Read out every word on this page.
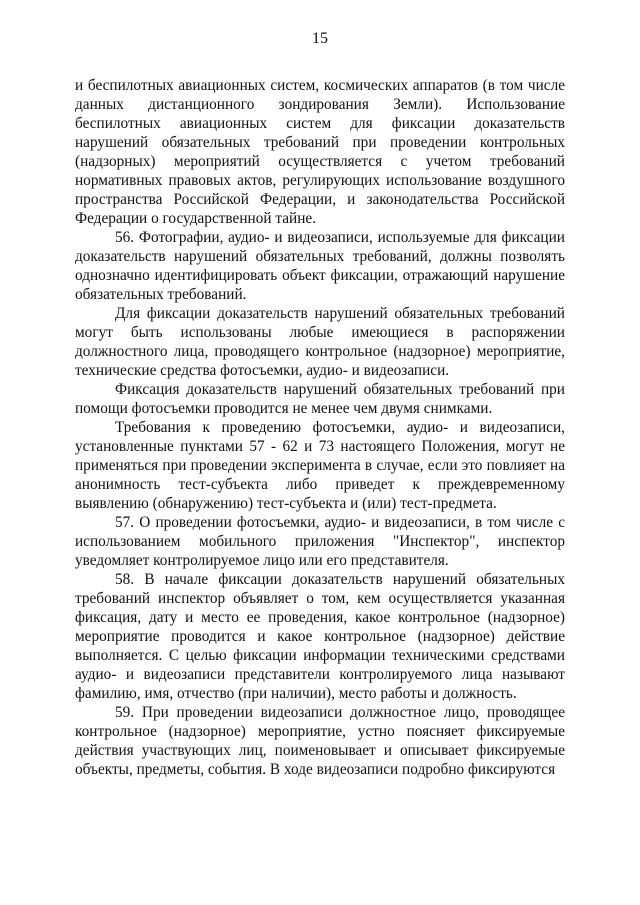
15

и беспилотных авиационных систем, космических аппаратов (в том числе данных дистанционного зондирования Земли). Использование беспилотных авиационных систем для фиксации доказательств нарушений обязательных требований при проведении контрольных (надзорных) мероприятий осуществляется с учетом требований нормативных правовых актов, регулирующих использование воздушного пространства Российской Федерации, и законодательства Российской Федерации о государственной тайне.

56. Фотографии, аудио- и видеозаписи, используемые для фиксации доказательств нарушений обязательных требований, должны позволять однозначно идентифицировать объект фиксации, отражающий нарушение обязательных требований.

Для фиксации доказательств нарушений обязательных требований могут быть использованы любые имеющиеся в распоряжении должностного лица, проводящего контрольное (надзорное) мероприятие, технические средства фотосъемки, аудио- и видеозаписи.

Фиксация доказательств нарушений обязательных требований при помощи фотосъемки проводится не менее чем двумя снимками.

Требования к проведению фотосъемки, аудио- и видеозаписи, установленные пунктами 57 - 62 и 73 настоящего Положения, могут не применяться при проведении эксперимента в случае, если это повлияет на анонимность тест-субъекта либо приведет к преждевременному выявлению (обнаружению) тест-субъекта и (или) тест-предмета.

57. О проведении фотосъемки, аудио- и видеозаписи, в том числе с использованием мобильного приложения "Инспектор", инспектор уведомляет контролируемое лицо или его представителя.

58. В начале фиксации доказательств нарушений обязательных требований инспектор объявляет о том, кем осуществляется указанная фиксация, дату и место ее проведения, какое контрольное (надзорное) мероприятие проводится и какое контрольное (надзорное) действие выполняется. С целью фиксации информации техническими средствами аудио- и видеозаписи представители контролируемого лица называют фамилию, имя, отчество (при наличии), место работы и должность.

59. При проведении видеозаписи должностное лицо, проводящее контрольное (надзорное) мероприятие, устно поясняет фиксируемые действия участвующих лиц, поименовывает и описывает фиксируемые объекты, предметы, события. В ходе видеозаписи подробно фиксируются
